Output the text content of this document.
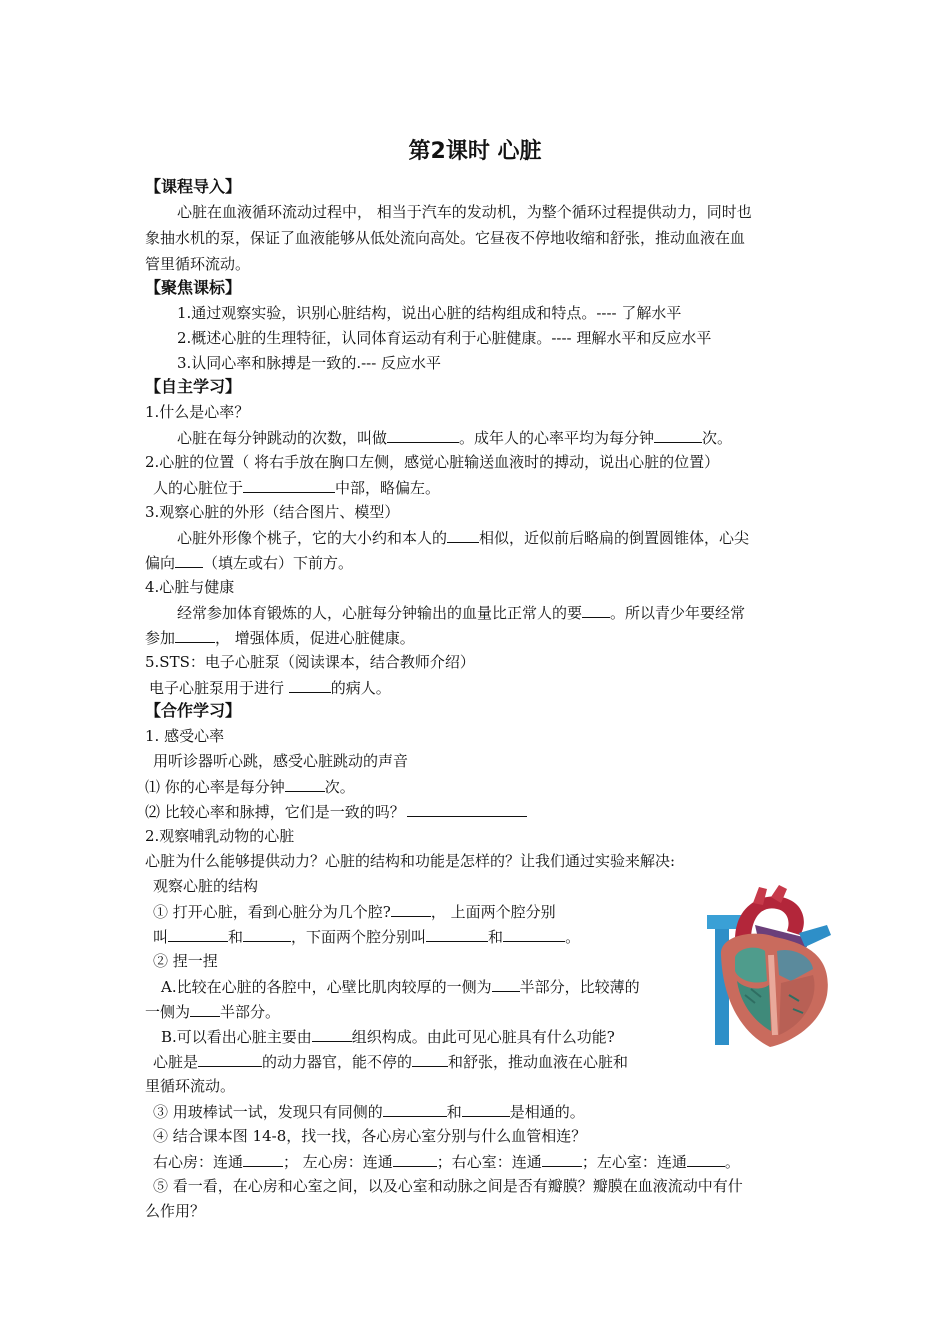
第2课时 心脏
【课程导入】
心脏在血液循环流动过程中， 相当于汽车的发动机，为整个循环过程提供动力，同时也
象抽水机的泵，保证了血液能够从低处流向高处。它昼夜不停地收缩和舒张，推动血液在血
管里循环流动。
【聚焦课标】
1.通过观察实验，识别心脏结构，说出心脏的结构组成和特点。---- 了解水平
2.概述心脏的生理特征，认同体育运动有利于心脏健康。---- 理解水平和反应水平
3.认同心率和脉搏是一致的.--- 反应水平
【自主学习】
1.什么是心率？
心脏在每分钟跳动的次数，叫做	。成年人的心率平均为每分钟	次。
2.心脏的位置（ 将右手放在胸口左侧，感觉心脏输送血液时的搏动，说出心脏的位置）
人的心脏位于	中部，略偏左。
3.观察心脏的外形（结合图片、模型）
心脏外形像个桃子，它的大小约和本人的 相似，近似前后略扁的倒置圆锥体，心尖
偏向 （填左或右）下前方。
4.心脏与健康
经常参加体育锻炼的人，心脏每分钟输出的血量比正常人的要 。所以青少年要经常
参加	， 增强体质，促进心脏健康。
5.STS：电子心脏泵（阅读课本，结合教师介绍）
电子心脏泵用于进行	的病人。
【合作学习】
1. 感受心率
用听诊器听心跳，感受心脏跳动的声音
⑴ 你的心率是每分钟	次。
⑵ 比较心率和脉搏，它们是一致的吗？
2.观察哺乳动物的心脏
心脏为什么能够提供动力？心脏的结构和功能是怎样的？让我们通过实验来解决:
观察心脏的结构
① 打开心脏，看到心脏分为几个腔?	， 上面两个腔分别
叫	和	，下面两个腔分别叫	和	。
② 捏一捏
A.比较在心脏的各腔中，心壁比肌肉较厚的一侧为 半部分，比较薄的
一侧为 半部分。
B.可以看出心脏主要由	组织构成。由此可见心脏具有什么功能?
心脏是	的动力器官，能不停的 和舒张，推动血液在心脏和
里循环流动。
③ 用玻棒试一试，发现只有同侧的	和	是相通的。
④ 结合课本图 14-8，找一找，各心房心室分别与什么血管相连？
右心房：连通	； 左心房：连通	；右心室：连通	；左心室：连通	。
⑤ 看一看，在心房和心室之间，以及心室和动脉之间是否有瓣膜？瓣膜在血液流动中有什
么作用？
